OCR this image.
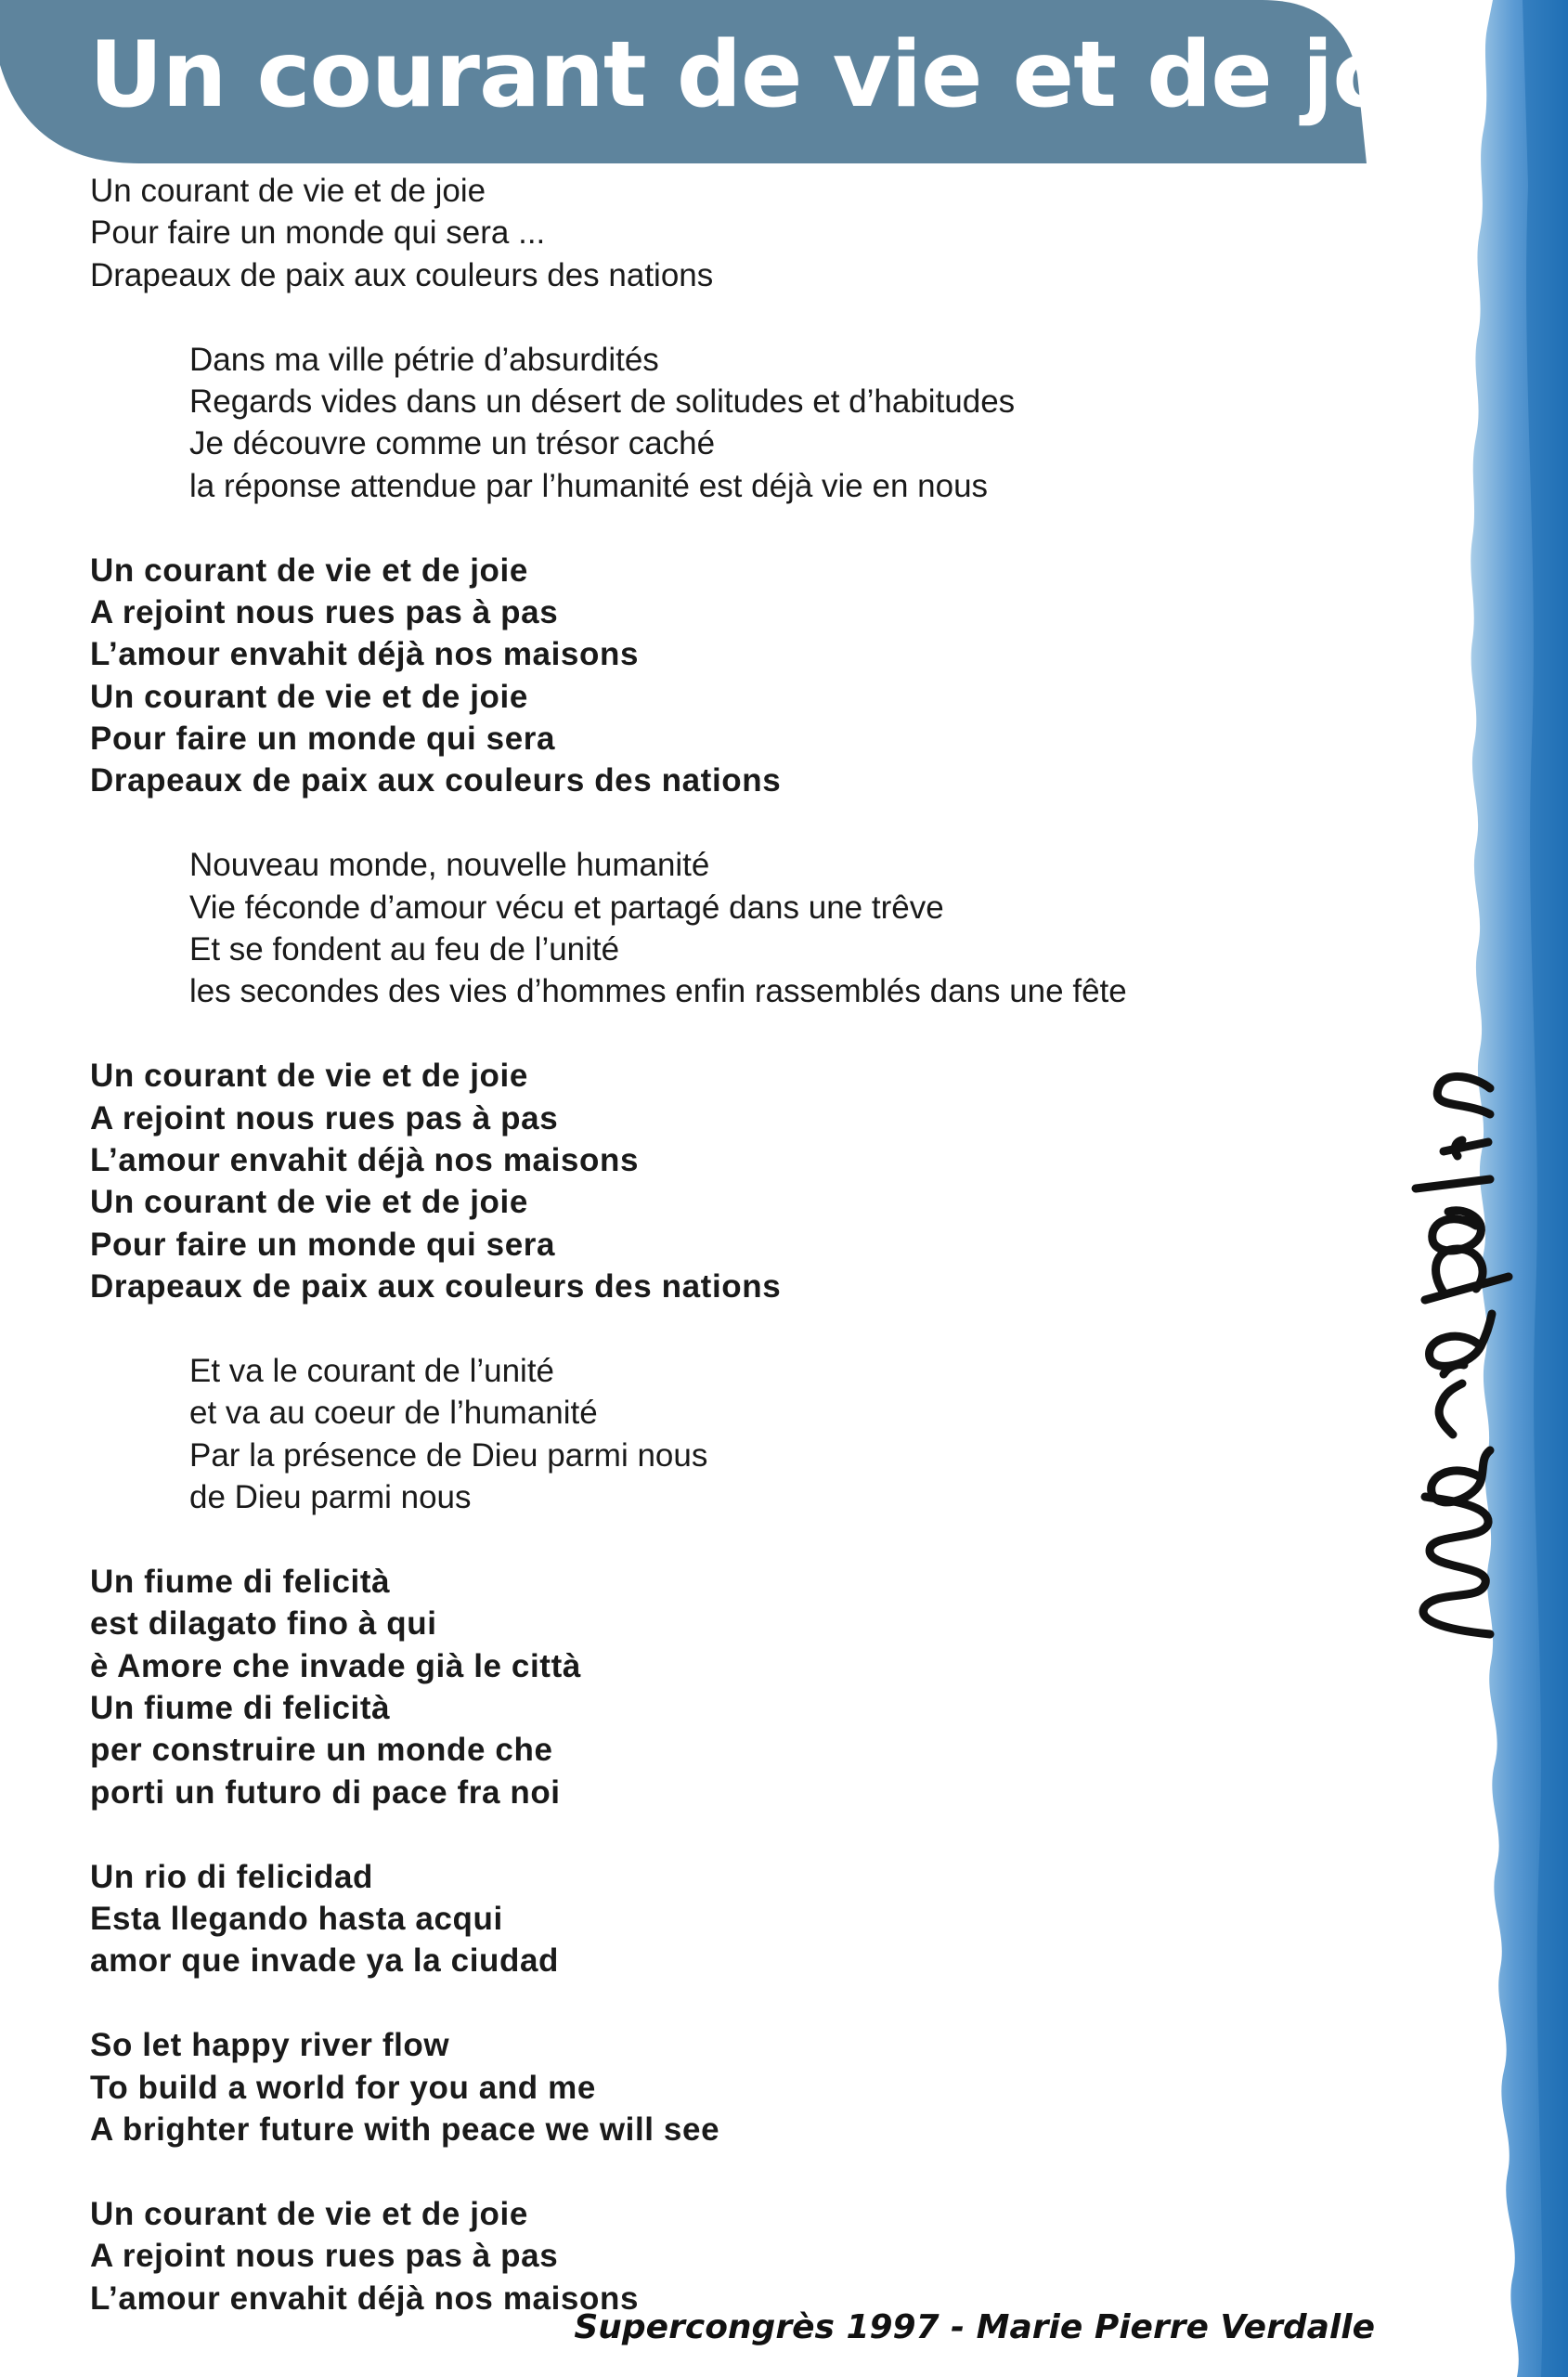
Un courant de vie et de joie
Un courant de vie et de joie
Pour faire un monde qui sera ...
Drapeaux de paix aux couleurs des nations
Dans ma ville pétrie d’absurdités
Regards vides dans un désert de solitudes et d’habitudes
Je découvre comme un trésor caché
la réponse attendue par l’humanité est déjà vie en nous
Un courant de vie et de joie
A rejoint nous rues pas à pas
L’amour envahit déjà nos maisons
Un courant de vie et de joie
Pour faire un monde qui sera
Drapeaux de paix aux couleurs des nations
Nouveau monde, nouvelle humanité
Vie féconde d’amour vécu et partagé dans une trêve
Et se fondent au feu de l’unité
les secondes des vies d’hommes enfin rassemblés dans une fête
Un courant de vie et de joie
A rejoint nous rues pas à pas
L’amour envahit déjà nos maisons
Un courant de vie et de joie
Pour faire un monde qui sera
Drapeaux de paix aux couleurs des nations
Et va le courant de l’unité
et va au coeur de l’humanité
Par la présence de Dieu parmi nous
de Dieu parmi nous
Un fiume di felicità
est dilagato fino à qui
è Amore che invade già le città
Un fiume di felicità
per construire un monde che
porti un futuro di pace fra noi
Un rio di felicidad
Esta llegando hasta acqui
amor que invade ya la ciudad
So let happy river flow
To build a world for you and me
A brighter future with peace we will see
Un courant de vie et de joie
A rejoint nous rues pas à pas
L’amour envahit déjà nos maisons

Supercongrès 1997 - Marie Pierre Verdalle
